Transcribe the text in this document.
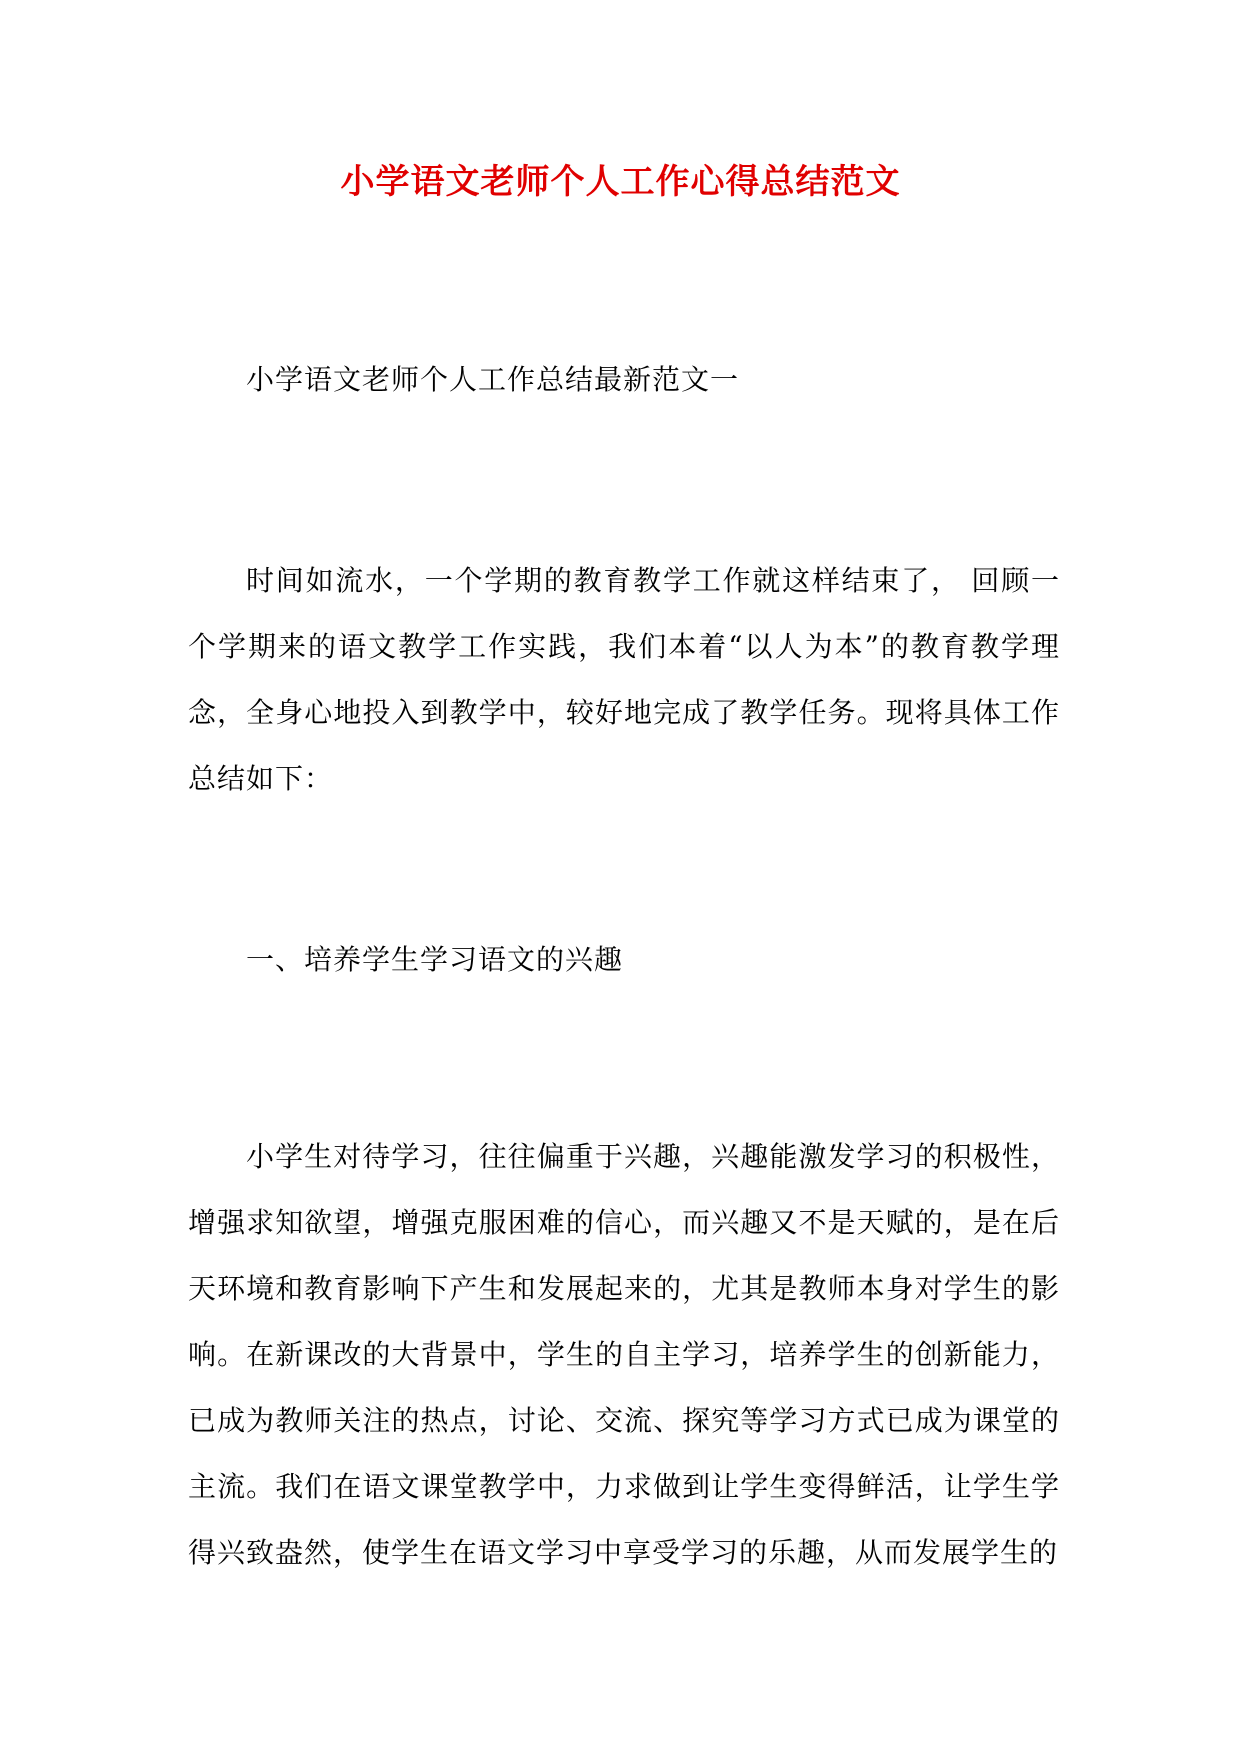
小学语文老师个人工作心得总结范文
小学语文老师个人工作总结最新范文一

时间如流水，一个学期的教育教学工作就这样结束了， 回顾一个学期来的语文教学工作实践，我们本着“以人为本”的教育教学理念，全身心地投入到教学中，较好地完成了教学任务。现将具体工作总结如下：

一、培养学生学习语文的兴趣

小学生对待学习，往往偏重于兴趣，兴趣能激发学习的积极性，增强求知欲望，增强克服困难的信心，而兴趣又不是天赋的，是在后天环境和教育影响下产生和发展起来的，尤其是教师本身对学生的影响。在新课改的大背景中，学生的自主学习，培养学生的创新能力，已成为教师关注的热点，讨论、交流、探究等学习方式已成为课堂的主流。我们在语文课堂教学中，力求做到让学生变得鲜活，让学生学得兴致盎然，使学生在语文学习中享受学习的乐趣，从而发展学生的
